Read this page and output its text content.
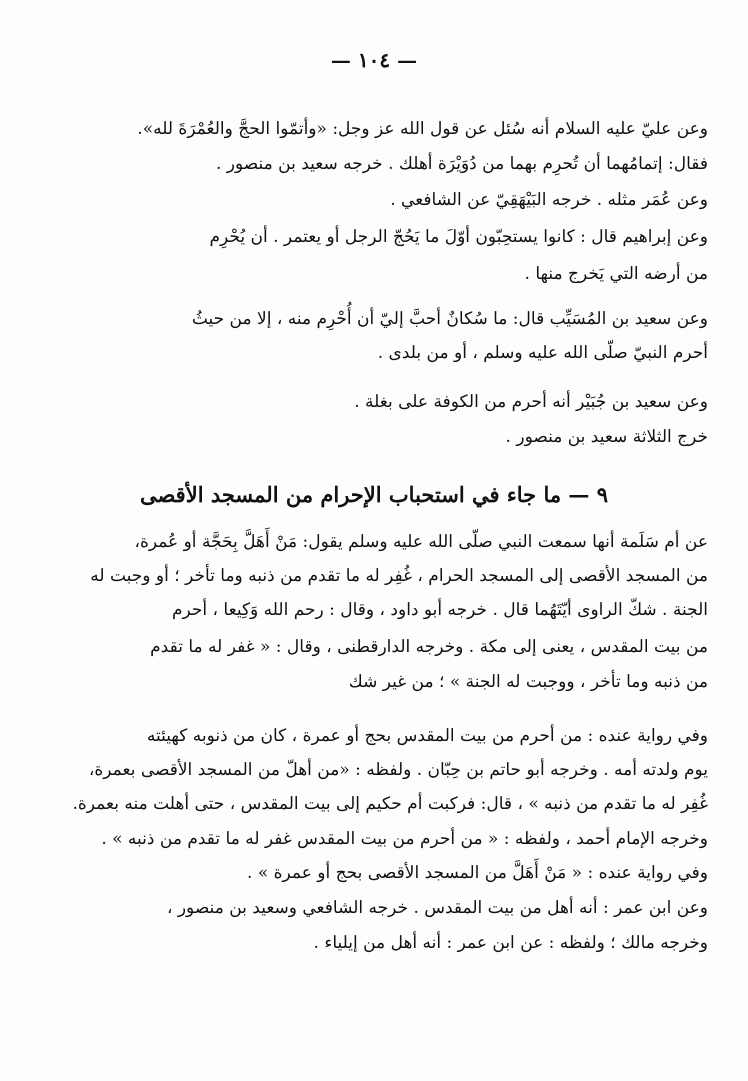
— ١٠٤ —
وعن عليّ عليه السلام أنه سُئل عن قول الله عز وجل: «وأتمّوا الحجَّ والعُمْرَةَ لله».
فقال: إتمامُهما أن تُحرِم بهما من دُوَيْرَة أهلك . خرجه سعيد بن منصور .
وعن عُمَر مثله . خرجه البَيْهَقِيّ عن الشافعي .
وعن إبراهيم قال : كانوا يستحِبّون أوّلَ ما يَحُجّ الرجل أو يعتمر . أن يُحْرِم
من أرضه التي يَخرج منها .
وعن سعيد بن المُسَيِّب قال: ما سُكانٌ أحبَّ إليّ أن أُحْرِم منه ، إلا من حيثُ
أحرم النبيّ صلّى الله عليه وسلم ، أو من بلدى .
وعن سعيد بن جُبَيْر أنه أحرم من الكوفة على بغلة .
خرج الثلاثة سعيد بن منصور .
٩ — ما جاء في استحباب الإحرام من المسجد الأقصى
عن أم سَلَمة أنها سمعت النبي صلّى الله عليه وسلم يقول: مَنْ أَهَلَّ بِحَجَّة أو عُمرة،
من المسجد الأقصى إلى المسجد الحرام ، غُفِر له ما تقدم من ذنبه وما تأخر ؛ أو وجبت له
الجنة . شكّ الراوى أيّتَهُما قال . خرجه أبو داود ، وقال : رحم الله وَكِيعا ، أحرم
من بيت المقدس ، يعنى إلى مكة . وخرجه الدارقطنى ، وقال : « غفر له ما تقدم
من ذنبه وما تأخر ، ووجبت له الجنة » ؛ من غير شك
وفي رواية عنده : من أحرم من بيت المقدس بحج أو عمرة ، كان من ذنوبه كهيئته
يوم ولدته أمه . وخرجه أبو حاتم بن حِبّان . ولفظه : «من أهلّ من المسجد الأقصى بعمرة،
غُفِر له ما تقدم من ذنبه » ، قال: فركبت أم حكيم إلى بيت المقدس ، حتى أهلت منه بعمرة.
وخرجه الإمام أحمد ، ولفظه : « من أحرم من بيت المقدس غفر له ما تقدم من ذنبه » .
وفي رواية عنده : « مَنْ أَهَلَّ من المسجد الأقصى بحج أو عمرة » .
وعن ابن عمر : أنه أهل من بيت المقدس . خرجه الشافعي وسعيد بن منصور ،
وخرجه مالك ؛ ولفظه : عن ابن عمر : أنه أهل من إيلياء .
